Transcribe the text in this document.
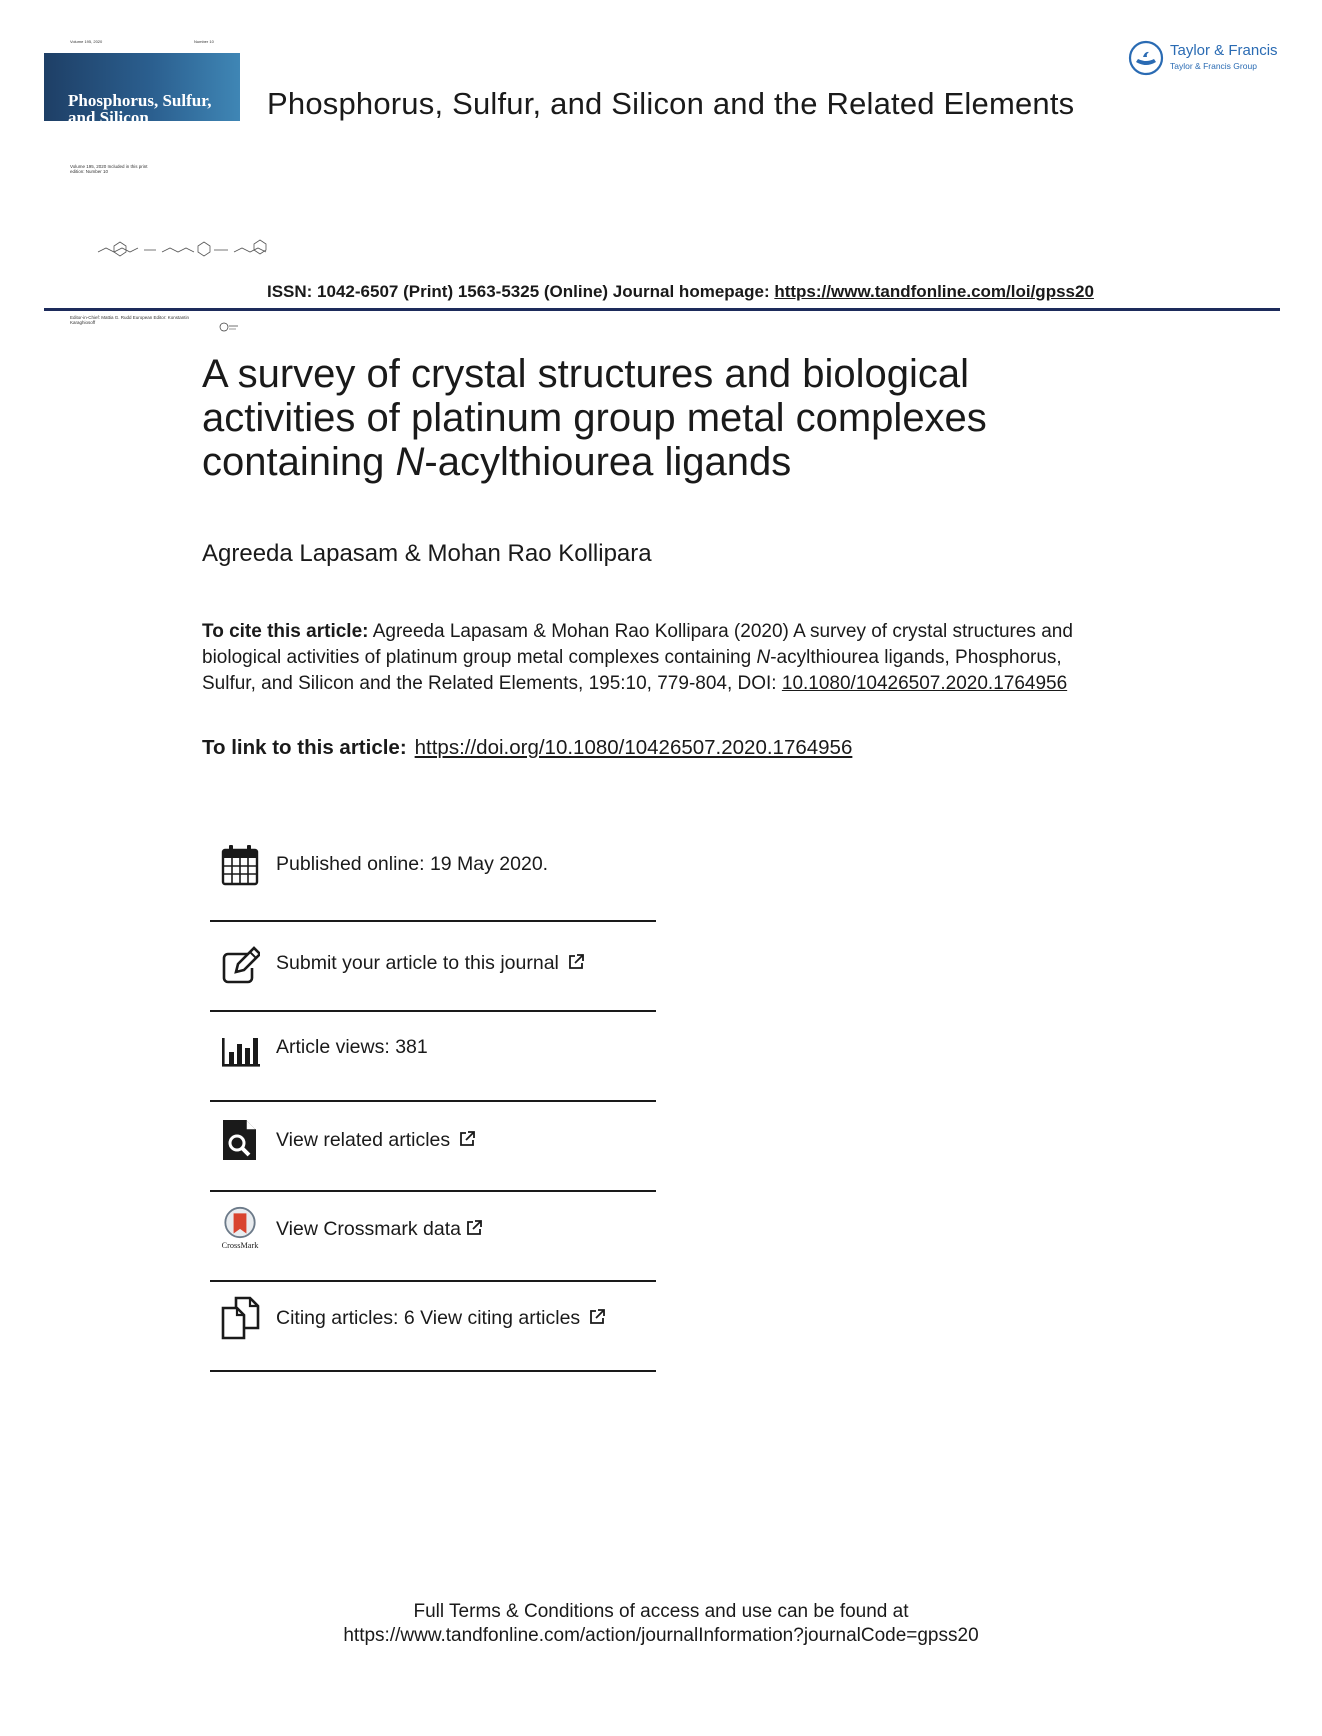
Volume 195, 2020	Number 10
Phosphorus, Sulfur, and Silicon
and the Related Elements
Volume 195, 2020 Included in this print edition: Number 10
Editor-in-Chief: Mattia G. Rudd European Editor: Konstantin Karaghiosoff
Phosphorus, Sulfur, and Silicon and the Related Elements
Taylor & Francis
Taylor & Francis Group
ISSN: 1042-6507 (Print) 1563-5325 (Online) Journal homepage: https://www.tandfonline.com/loi/gpss20
A survey of crystal structures and biological activities of platinum group metal complexes containing N-acylthiourea ligands
Agreeda Lapasam & Mohan Rao Kollipara
To cite this article: Agreeda Lapasam & Mohan Rao Kollipara (2020) A survey of crystal structures and biological activities of platinum group metal complexes containing N-acylthiourea ligands, Phosphorus, Sulfur, and Silicon and the Related Elements, 195:10, 779-804, DOI: 10.1080/10426507.2020.1764956
To link to this article: https://doi.org/10.1080/10426507.2020.1764956
Published online: 19 May 2020.
Submit your article to this journal
Article views: 381
View related articles
CrossMark
View Crossmark data
Citing articles: 6 View citing articles
Full Terms & Conditions of access and use can be found at
https://www.tandfonline.com/action/journalInformation?journalCode=gpss20
